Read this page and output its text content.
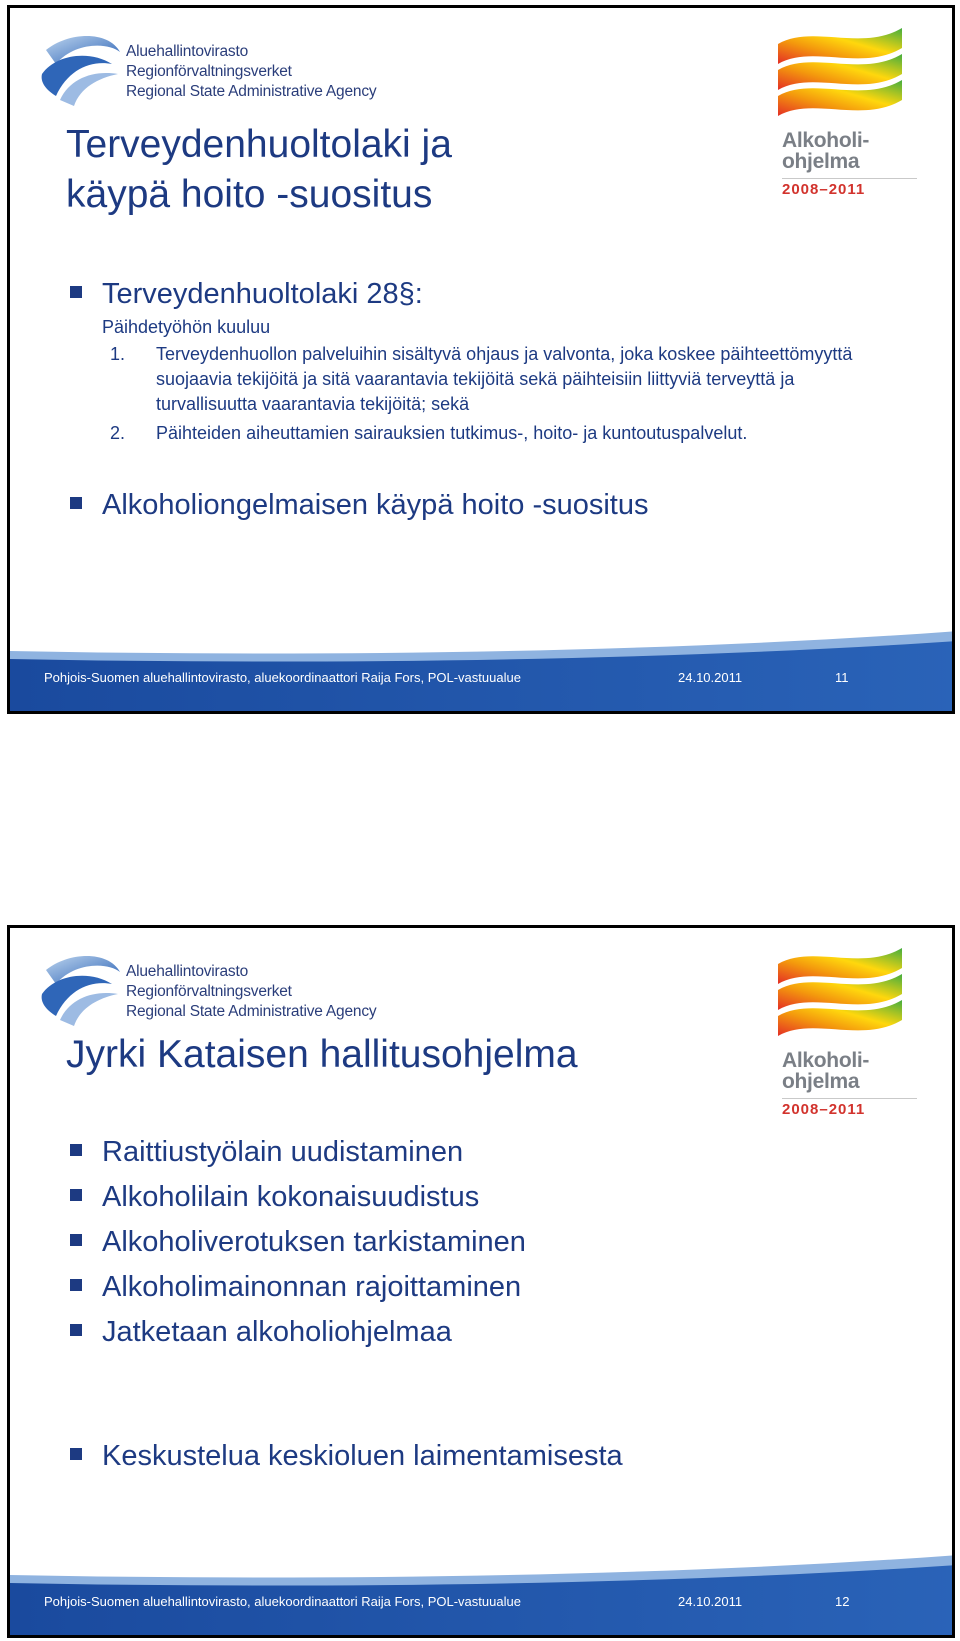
Aluehallintovirasto
Regionförvaltningsverket
Regional State Administrative Agency
Alkoholi-
ohjelma
2008–2011
Terveydenhuoltolaki ja
käypä hoito -suositus
Terveydenhuoltolaki 28§:
Päihdetyöhön kuuluu
1. Terveydenhuollon palveluihin sisältyvä ohjaus ja valvonta, joka koskee päihteettömyyttä suojaavia tekijöitä ja sitä vaarantavia tekijöitä sekä päihteisiin liittyviä terveyttä ja turvallisuutta vaarantavia tekijöitä; sekä
2. Päihteiden aiheuttamien sairauksien tutkimus-, hoito- ja kuntoutuspalvelut.
Alkoholiongelmaisen käypä hoito -suositus
Pohjois-Suomen aluehallintovirasto, aluekoordinaattori Raija Fors, POL-vastuualue	24.10.2011	11
Aluehallintovirasto
Regionförvaltningsverket
Regional State Administrative Agency
Alkoholi-
ohjelma
2008–2011
Jyrki Kataisen hallitusohjelma
Raittiustyölain uudistaminen
Alkoholilain kokonaisuudistus
Alkoholiverotuksen tarkistaminen
Alkoholimainonnan rajoittaminen
Jatketaan alkoholiohjelmaa
Keskustelua keskioluen laimentamisesta
Pohjois-Suomen aluehallintovirasto, aluekoordinaattori Raija Fors, POL-vastuualue	24.10.2011	12
